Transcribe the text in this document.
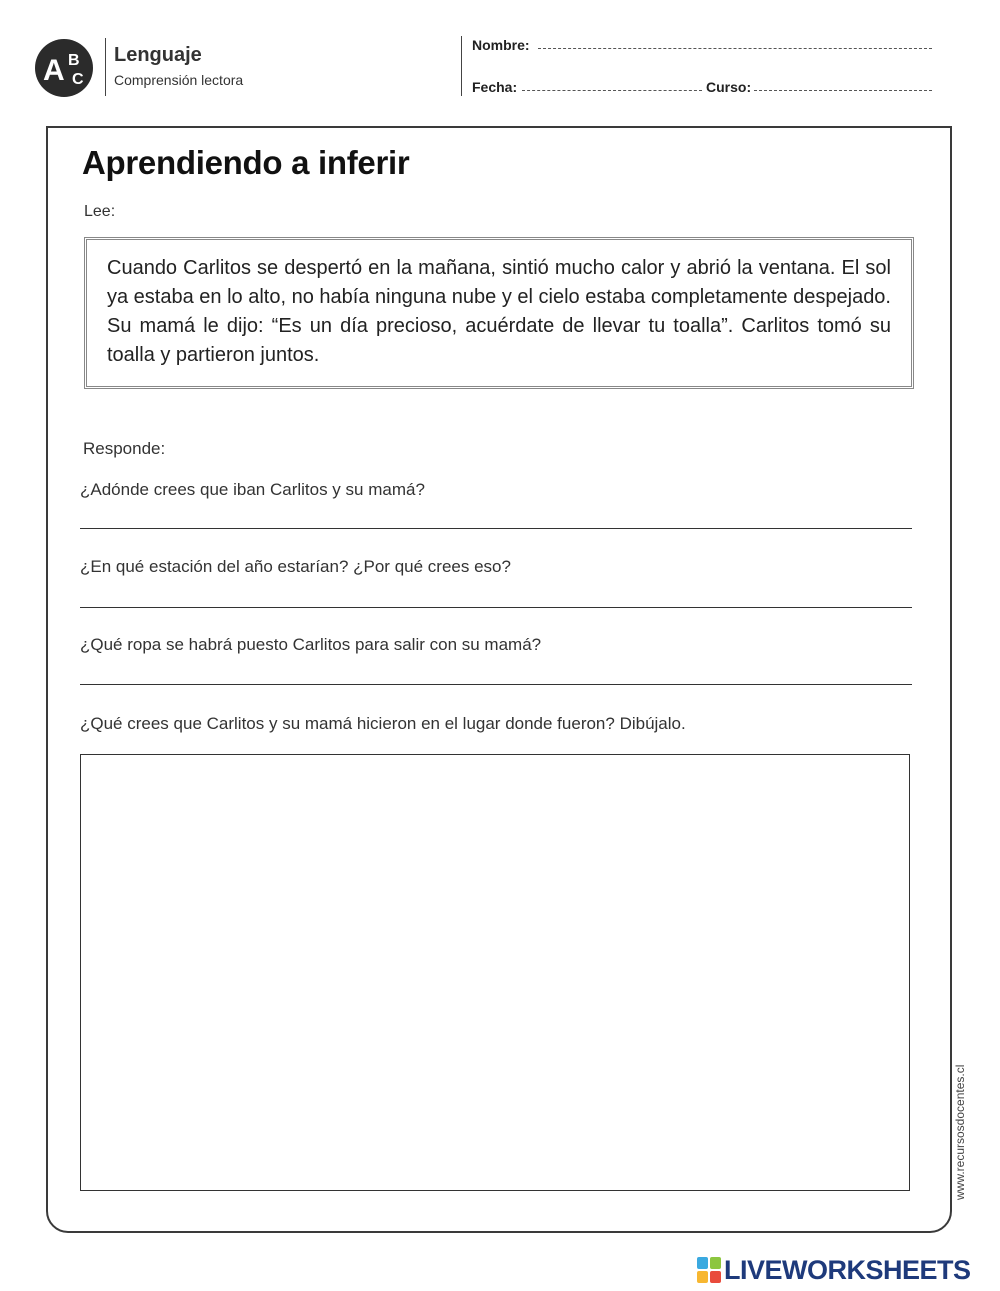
A B
C
Lenguaje
Comprensión lectora
Nombre:
Fecha:	Curso:
Aprendiendo a inferir
Lee:

Cuando Carlitos se despertó en la mañana, sintió mucho calor y abrió la ventana. El sol ya estaba en lo alto, no había ninguna nube y el cielo estaba completamente despejado. Su mamá le dijo: “Es un día precioso, acuérdate de llevar tu toalla”. Carlitos tomó su toalla y partieron juntos.

Responde:
¿Adónde crees que iban Carlitos y su mamá?
¿En qué estación del año estarían? ¿Por qué crees eso?
¿Qué ropa se habrá puesto Carlitos para salir con su mamá?
¿Qué crees que Carlitos y su mamá hicieron en el lugar donde fueron? Dibújalo.
www.recursosdocentes.cl
LIVEWORKSHEETS
